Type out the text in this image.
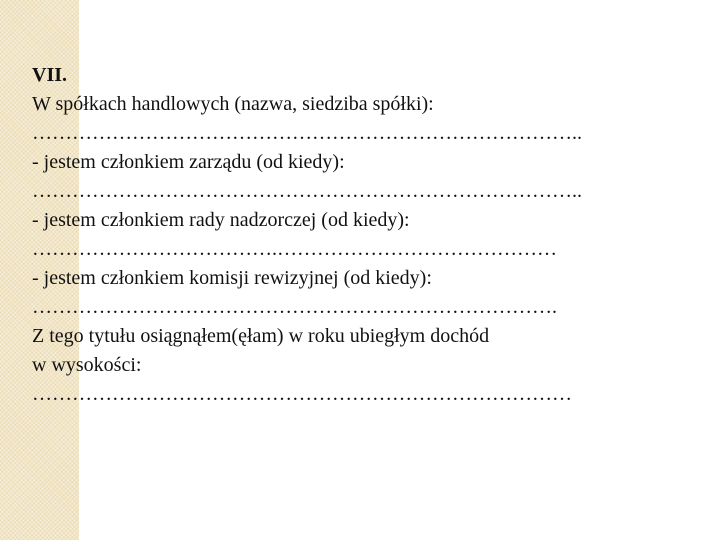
VII.
W spółkach handlowych (nazwa, siedziba spółki):
………………………………………………………………………..
- jestem członkiem zarządu (od kiedy):
………………………………………………………………………..
- jestem członkiem rady nadzorczej (od kiedy):
……………………………….……………………………………
- jestem członkiem komisji rewizyjnej (od kiedy):
…………………………………………………………………….
Z tego tytułu osiągnąłem(ęłam) w roku ubiegłym dochód
w wysokości:
………………………………………………………………………
